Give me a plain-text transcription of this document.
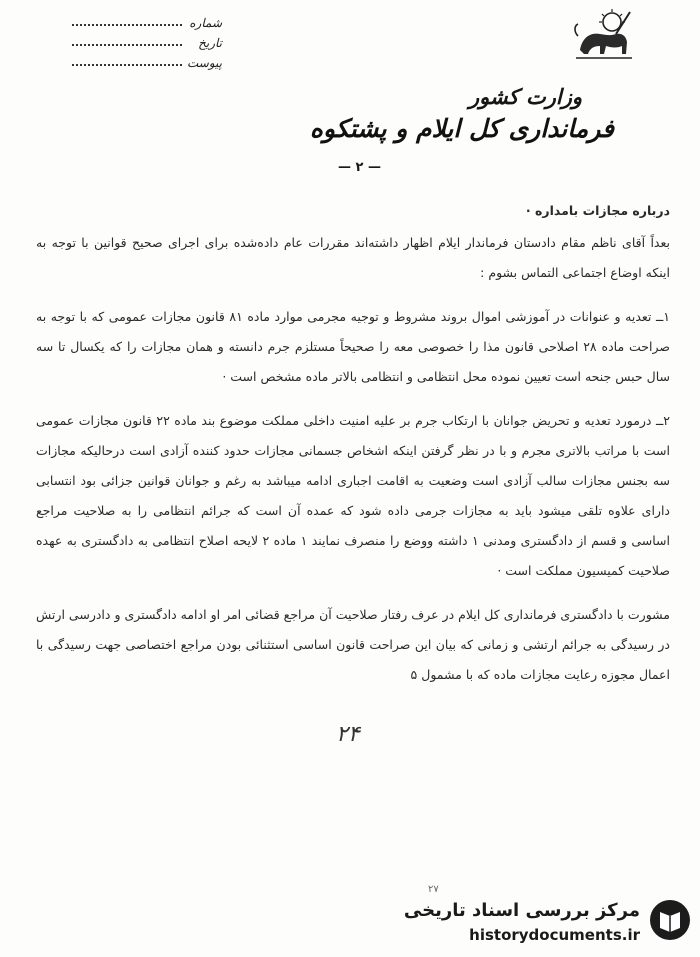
وزارت کشور
فرمانداری کل ایلام و پشتکوه
شماره
تاریخ
پیوست
— ۲ —

درباره مجازات بامداره ·

بعداً آقای ناظم مقام دادستان فرماندار ایلام اظهار داشته‌اند مقررات عام داده‌شده برای اجرای صحیح قوانین با توجه به اینکه اوضاع اجتماعی التماس بشوم :

۱ــ تعدیه و عنوانات در آموزشی اموال بروند مشروط و توجیه مجرمی موارد ماده ۸۱ قانون مجازات عمومی که با توجه به صراحت ماده ۲۸ اصلاحی قانون مذا را خصوصی معه را صحیحاً مستلزم جرم دانسته و همان مجازات را که یکسال تا سه سال حبس جنحه است تعیین نموده محل انتظامی و انتظامی بالاتر ماده مشخص است ·

۲ــ درمورد تعدیه و تحریض جوانان با ارتکاب جرم بر علیه امنیت داخلی مملکت موضوع بند ماده ۲۲ قانون مجازات عمومی است با مراتب بالاتری مجرم و با در نظر گرفتن اینکه اشخاص جسمانی مجازات حدود کننده آزادی است درحالیکه مجازات سه بجنس مجازات سالب آزادی است وضعیت به اقامت اجباری ادامه میباشد به رغم و جوانان قوانین جزائی بود انتسابی دارای علاوه تلقی میشود باید به مجازات جرمی داده شود که عمده آن است که جرائم انتظامی را به صلاحیت مراجع اساسی و قسم از دادگستری ومدنی ۱ داشته ووضع را منصرف نمایند ۱ ماده ۲ لایحه اصلاح انتظامی به دادگستری به عهده صلاحیت کمیسیون مملکت است ·

مشورت با دادگستری فرمانداری کل ایلام در عرف رفتار صلاحیت آن مراجع قضائی امر او ادامه دادگستری و دادرسی ارتش در رسیدگی به جرائم ارتشی و زمانی که بیان این صراحت قانون اساسی استثنائی بودن مراجع اختصاصی جهت رسیدگی با اعمال مجوزه رعایت مجازات ماده که با مشمول ۵

۲۴
۲۷
مرکز بررسی اسناد تاریخی
historydocuments.ir
